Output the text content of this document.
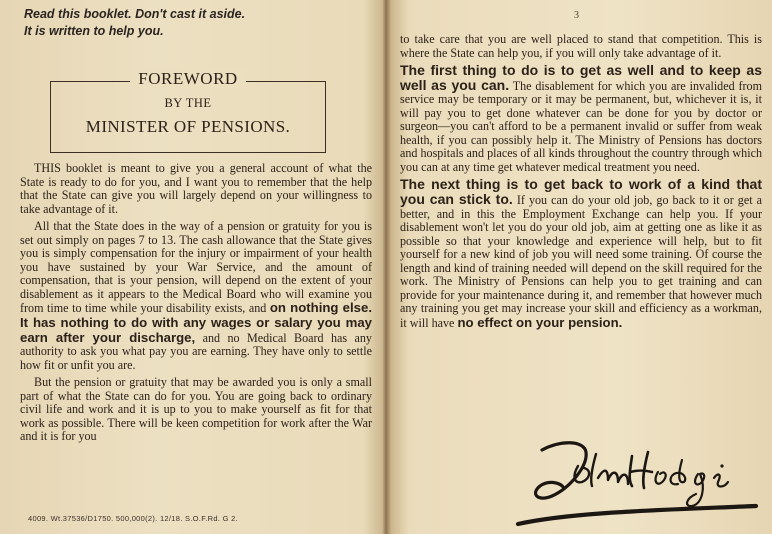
Read this booklet. Don't cast it aside.
It is written to help you.
FOREWORD
BY THE
MINISTER OF PENSIONS.

THIS booklet is meant to give you a general account of what the State is ready to do for you, and I want you to remember that the help that the State can give you will largely depend on your willingness to take advantage of it.

All that the State does in the way of a pension or gratuity for you is set out simply on pages 7 to 13. The cash allowance that the State gives you is simply compensation for the injury or impairment of your health you have sustained by your War Service, and the amount of compensation, that is your pension, will depend on the extent of your disablement as it appears to the Medical Board who will examine you from time to time while your disability exists, and on nothing else. It has nothing to do with any wages or salary you may earn after your discharge, and no Medical Board has any authority to ask you what pay you are earning. They have only to settle how fit or unfit you are.

But the pension or gratuity that may be awarded you is only a small part of what the State can do for you. You are going back to ordinary civil life and work and it is up to you to make yourself as fit for that work as possible. There will be keen competition for work after the War and it is for you

4009. Wt.37536/D1750. 500,000(2). 12/18. S.O.F.Rd. G 2.
3

to take care that you are well placed to stand that competition. This is where the State can help you, if you will only take advantage of it.

The first thing to do is to get as well and to keep as well as you can. The disablement for which you are invalided from service may be temporary or it may be permanent, but, whichever it is, it will pay you to get done whatever can be done for you by doctor or surgeon—you can't afford to be a permanent invalid or suffer from weak health, if you can possibly help it. The Ministry of Pensions has doctors and hospitals and places of all kinds throughout the country through which you can at any time get whatever medical treatment you need.

The next thing is to get back to work of a kind that you can stick to. If you can do your old job, go back to it or get a better, and in this the Employment Exchange can help you. If your disablement won't let you do your old job, aim at getting one as like it as possible so that your knowledge and experience will help, but to fit yourself for a new kind of job you will need some training. Of course the length and kind of training needed will depend on the skill required for the work. The Ministry of Pensions can help you to get training and can provide for your maintenance during it, and remember that however much any training you get may increase your skill and efficiency as a workman, it will have no effect on your pension.

John Hodge
